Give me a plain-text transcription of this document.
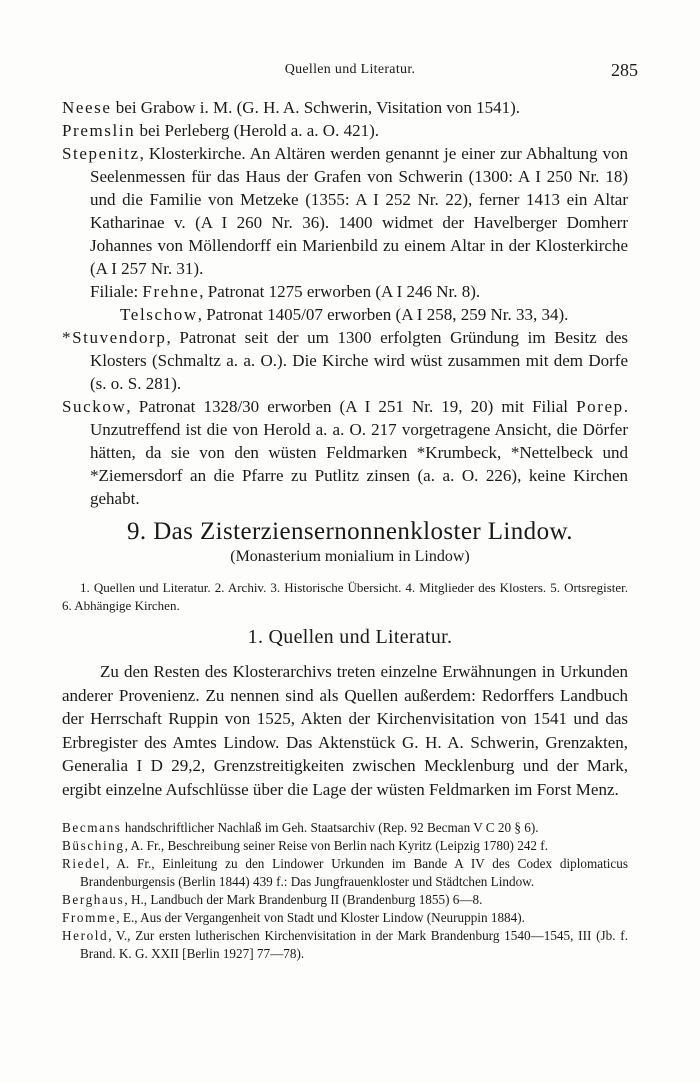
Quellen und Literatur.	285

Neese bei Grabow i. M. (G. H. A. Schwerin, Visitation von 1541).

Premslin bei Perleberg (Herold a. a. O. 421).

Stepenitz, Klosterkirche. An Altären werden genannt je einer zur Abhaltung von Seelenmessen für das Haus der Grafen von Schwerin (1300: A I 250 Nr. 18) und die Familie von Metzeke (1355: A I 252 Nr. 22), ferner 1413 ein Altar Katharinae v. (A I 260 Nr. 36). 1400 widmet der Havelberger Domherr Johannes von Möllendorff ein Marienbild zu einem Altar in der Klosterkirche (A I 257 Nr. 31).

Filiale: Frehne, Patronat 1275 erworben (A I 246 Nr. 8).

Telschow, Patronat 1405/07 erworben (A I 258, 259 Nr. 33, 34).

*Stuvendorp, Patronat seit der um 1300 erfolgten Gründung im Besitz des Klosters (Schmaltz a. a. O.). Die Kirche wird wüst zusammen mit dem Dorfe (s. o. S. 281).

Suckow, Patronat 1328/30 erworben (A I 251 Nr. 19, 20) mit Filial Porep. Unzutreffend ist die von Herold a. a. O. 217 vorgetragene Ansicht, die Dörfer hätten, da sie von den wüsten Feldmarken *Krumbeck, *Nettelbeck und *Ziemersdorf an die Pfarre zu Putlitz zinsen (a. a. O. 226), keine Kirchen gehabt.

9. Das Zisterziensernonnenkloster Lindow.
(Monasterium monialium in Lindow)
1. Quellen und Literatur. 2. Archiv. 3. Historische Übersicht. 4. Mitglieder des Klosters. 5. Ortsregister. 6. Abhängige Kirchen.
1. Quellen und Literatur.

Zu den Resten des Klosterarchivs treten einzelne Erwähnungen in Urkunden anderer Provenienz. Zu nennen sind als Quellen außerdem: Redorffers Landbuch der Herrschaft Ruppin von 1525, Akten der Kirchenvisitation von 1541 und das Erbregister des Amtes Lindow. Das Aktenstück G. H. A. Schwerin, Grenzakten, Generalia I D 29,2, Grenzstreitigkeiten zwischen Mecklenburg und der Mark, ergibt einzelne Aufschlüsse über die Lage der wüsten Feldmarken im Forst Menz.

Becmans handschriftlicher Nachlaß im Geh. Staatsarchiv (Rep. 92 Becman V C 20 § 6).

Büsching, A. Fr., Beschreibung seiner Reise von Berlin nach Kyritz (Leipzig 1780) 242 f.

Riedel, A. Fr., Einleitung zu den Lindower Urkunden im Bande A IV des Codex diplomaticus Brandenburgensis (Berlin 1844) 439 f.: Das Jungfrauenkloster und Städtchen Lindow.

Berghaus, H., Landbuch der Mark Brandenburg II (Brandenburg 1855) 6—8.

Fromme, E., Aus der Vergangenheit von Stadt und Kloster Lindow (Neuruppin 1884).

Herold, V., Zur ersten lutherischen Kirchenvisitation in der Mark Brandenburg 1540—1545, III (Jb. f. Brand. K. G. XXII [Berlin 1927] 77—78).
